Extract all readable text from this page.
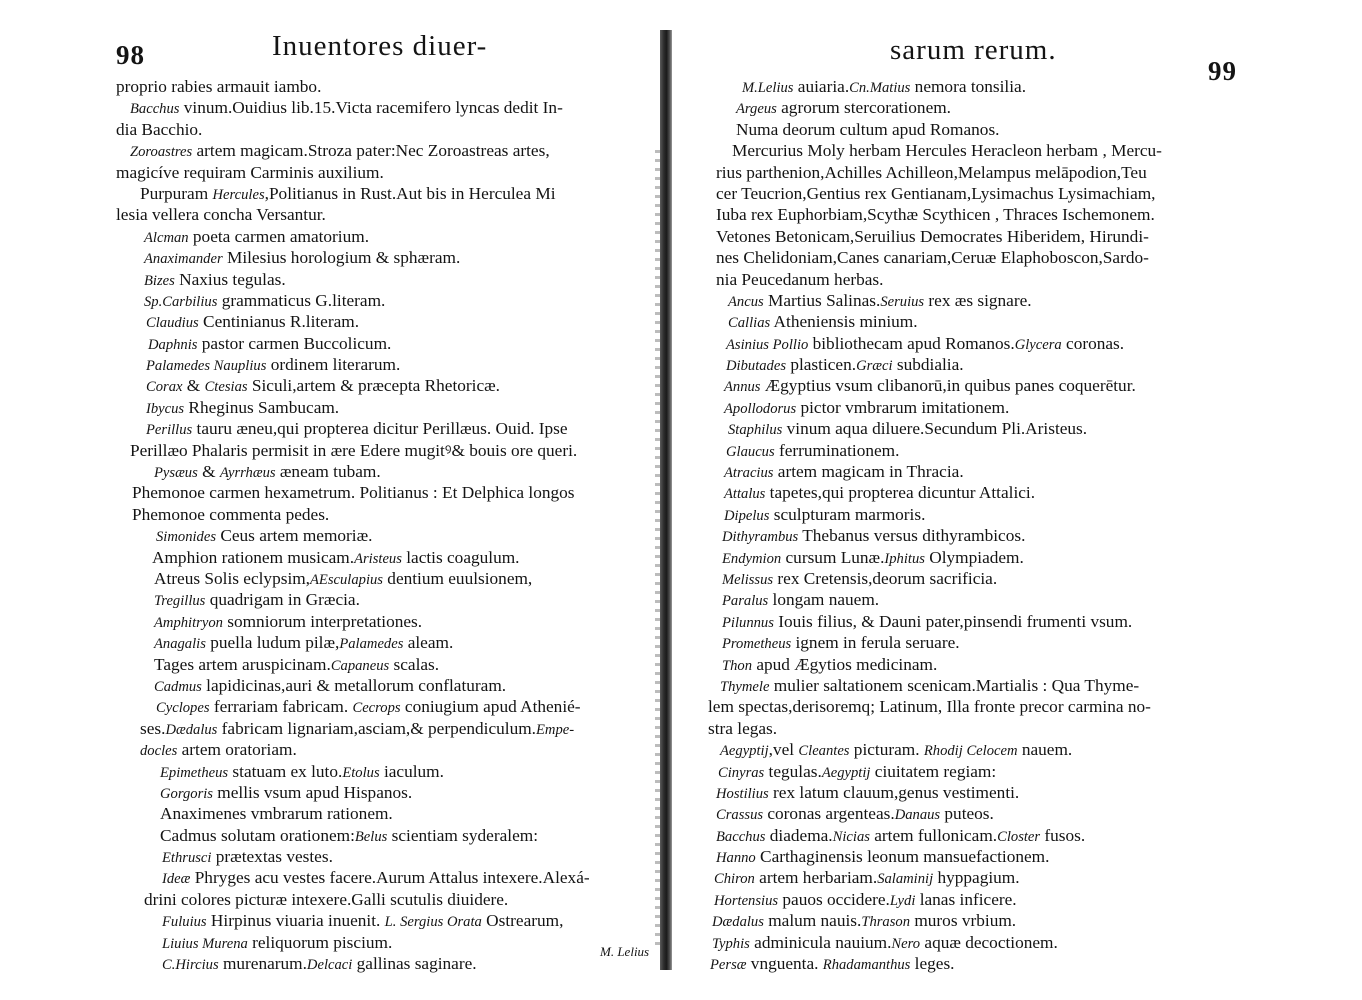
98	Inuentores diuer-
proprio rabies armauit iambo.
Bacchus vinum.Ouidius lib.15.Victa racemifero lyncas dedit In-
dia Bacchio.
Zoroastres artem magicam.Stroza pater:Nec Zoroastreas artes,
magicíve requiram Carminis auxilium.
Purpuram Hercules,Politianus in Rust.Aut bis in Herculea Mi
lesia vellera concha Versantur.
Alcman poeta carmen amatorium.
Anaximander Milesius horologium & sphæram.
Bizes Naxius tegulas.
Sp.Carbilius grammaticus G.literam.
Claudius Centinianus R.literam.
Daphnis pastor carmen Buccolicum.
Palamedes Nauplius ordinem literarum.
Corax & Ctesias Siculi,artem & præcepta Rhetoricæ.
Ibycus Rheginus Sambucam.
Perillus tauru æneu,qui propterea dicitur Perillæus. Ouid. Ipse
Perillæo Phalaris permisit in ære Edere mugitꝰ& bouis ore queri.
Pysæus & Ayrrhæus æneam tubam.
Phemonoe carmen hexametrum. Politianus : Et Delphica longos
Phemonoe commenta pedes.
Simonides Ceus artem memoriæ.
Amphion rationem musicam.Aristeus lactis coagulum.
Atreus Solis eclypsim,AEsculapius dentium euulsionem,
Tregillus quadrigam in Græcia.
Amphitryon somniorum interpretationes.
Anagalis puella ludum pilæ,Palamedes aleam.
Tages artem aruspicinam.Capaneus scalas.
Cadmus lapidicinas,auri & metallorum conflaturam.
Cyclopes ferrariam fabricam. Cecrops coniugium apud Athenié-
ses.Dædalus fabricam lignariam,asciam,& perpendiculum.Empe-
docles artem oratoriam.
Epimetheus statuam ex luto.Etolus iaculum.
Gorgoris mellis vsum apud Hispanos.
Anaximenes vmbrarum rationem.
Cadmus solutam orationem:Belus scientiam syderalem:
Ethrusci prætextas vestes.
Ideæ Phryges acu vestes facere.Aurum Attalus intexere.Alexá-
drini colores picturæ intexere.Galli scutulis diuidere.
Fuluius Hirpinus viuaria inuenit. L. Sergius Orata Ostrearum,
Liuius Murena reliquorum piscium.
C.Hircius murenarum.Delcaci gallinas saginare.
M. Lelius
sarum rerum.
99
M.Lelius auiaria.Cn.Matius nemora tonsilia.
Argeus agrorum stercorationem.
Numa deorum cultum apud Romanos.
Mercurius Moly herbam Hercules Heracleon herbam , Mercu-
rius parthenion,Achilles Achilleon,Melampus melāpodion,Teu
cer Teucrion,Gentius rex Gentianam,Lysimachus Lysimachiam,
Iuba rex Euphorbiam,Scythæ Scythicen , Thraces Ischemonem.
Vetones Betonicam,Seruilius Democrates Hiberidem, Hirundi-
nes Chelidoniam,Canes canariam,Ceruæ Elaphoboscon,Sardo-
nia Peucedanum herbas.
Ancus Martius Salinas.Seruius rex æs signare.
Callias Atheniensis minium.
Asinius Pollio bibliothecam apud Romanos.Glycera coronas.
Dibutades plasticen.Græci subdialia.
Annus Ægyptius vsum clibanorū,in quibus panes coquerētur.
Apollodorus pictor vmbrarum imitationem.
Staphilus vinum aqua diluere.Secundum Pli.Aristeus.
Glaucus ferruminationem.
Atracius artem magicam in Thracia.
Attalus tapetes,qui propterea dicuntur Attalici.
Dipelus sculpturam marmoris.
Dithyrambus Thebanus versus dithyrambicos.
Endymion cursum Lunæ.Iphitus Olympiadem.
Melissus rex Cretensis,deorum sacrificia.
Paralus longam nauem.
Pilunnus Iouis filius, & Dauni pater,pinsendi frumenti vsum.
Prometheus ignem in ferula seruare.
Thon apud Ægytios medicinam.
Thymele mulier saltationem scenicam.Martialis : Qua Thyme-
lem spectas,derisoremq; Latinum, Illa fronte precor carmina no-
stra legas.
Aegyptij,vel Cleantes picturam. Rhodij Celocem nauem.
Cinyras tegulas.Aegyptij ciuitatem regiam:
Hostilius rex latum clauum,genus vestimenti.
Crassus coronas argenteas.Danaus puteos.
Bacchus diadema.Nicias artem fullonicam.Closter fusos.
Hanno Carthaginensis leonum mansuefactionem.
Chiron artem herbariam.Salaminij hyppagium.
Hortensius pauos occidere.Lydi lanas inficere.
Dædalus malum nauis.Thrason muros vrbium.
Typhis adminicula nauium.Nero aquæ decoctionem.
Persæ vnguenta. Rhadamanthus leges.
